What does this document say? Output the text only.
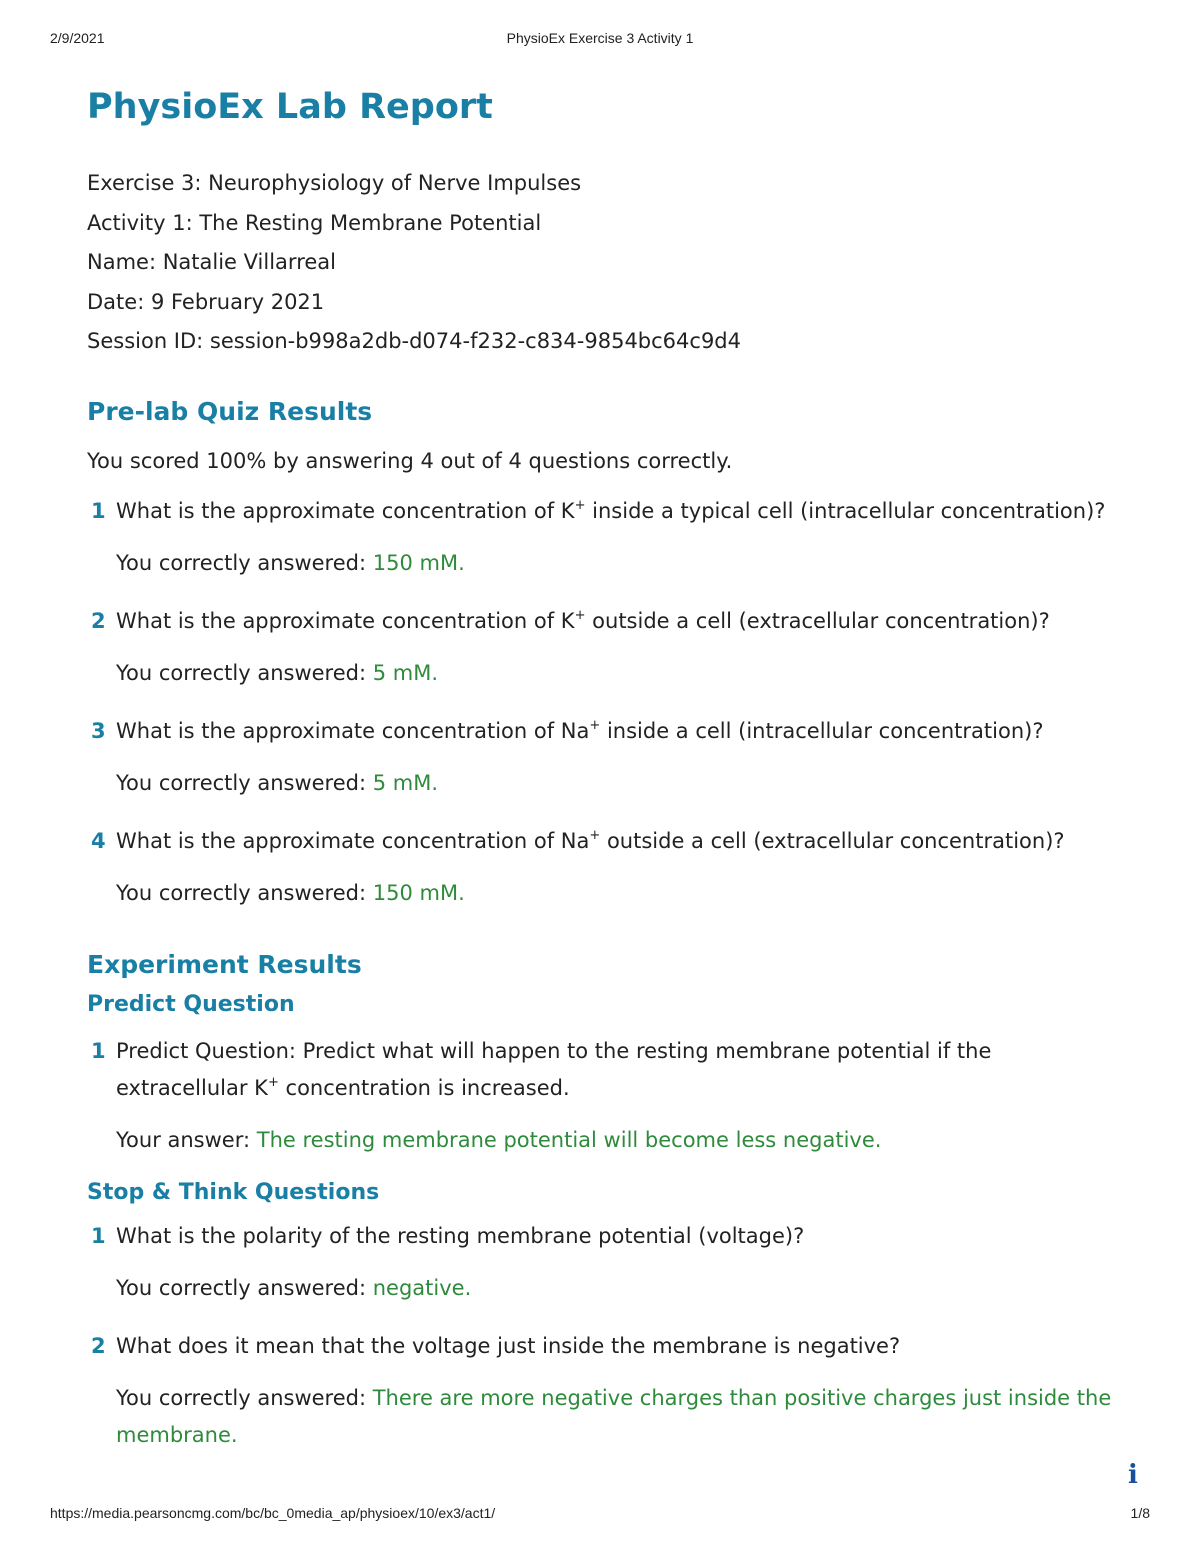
2/9/2021	PhysioEx Exercise 3 Activity 1
PhysioEx Lab Report
Exercise 3: Neurophysiology of Nerve Impulses
Activity 1: The Resting Membrane Potential
Name: Natalie Villarreal
Date: 9 February 2021
Session ID: session-b998a2db-d074-f232-c834-9854bc64c9d4
Pre-lab Quiz Results
You scored 100% by answering 4 out of 4 questions correctly.
1 What is the approximate concentration of K+ inside a typical cell (intracellular concentration)?
You correctly answered: 150 mM.
2 What is the approximate concentration of K+ outside a cell (extracellular concentration)?
You correctly answered: 5 mM.
3 What is the approximate concentration of Na+ inside a cell (intracellular concentration)?
You correctly answered: 5 mM.
4 What is the approximate concentration of Na+ outside a cell (extracellular concentration)?
You correctly answered: 150 mM.
Experiment Results
Predict Question
1 Predict Question: Predict what will happen to the resting membrane potential if the extracellular K+ concentration is increased.
Your answer: The resting membrane potential will become less negative.
Stop & Think Questions
1 What is the polarity of the resting membrane potential (voltage)?
You correctly answered: negative.
2 What does it mean that the voltage just inside the membrane is negative?
You correctly answered: There are more negative charges than positive charges just inside the membrane.
i
https://media.pearsoncmg.com/bc/bc_0media_ap/physioex/10/ex3/act1/	1/8
